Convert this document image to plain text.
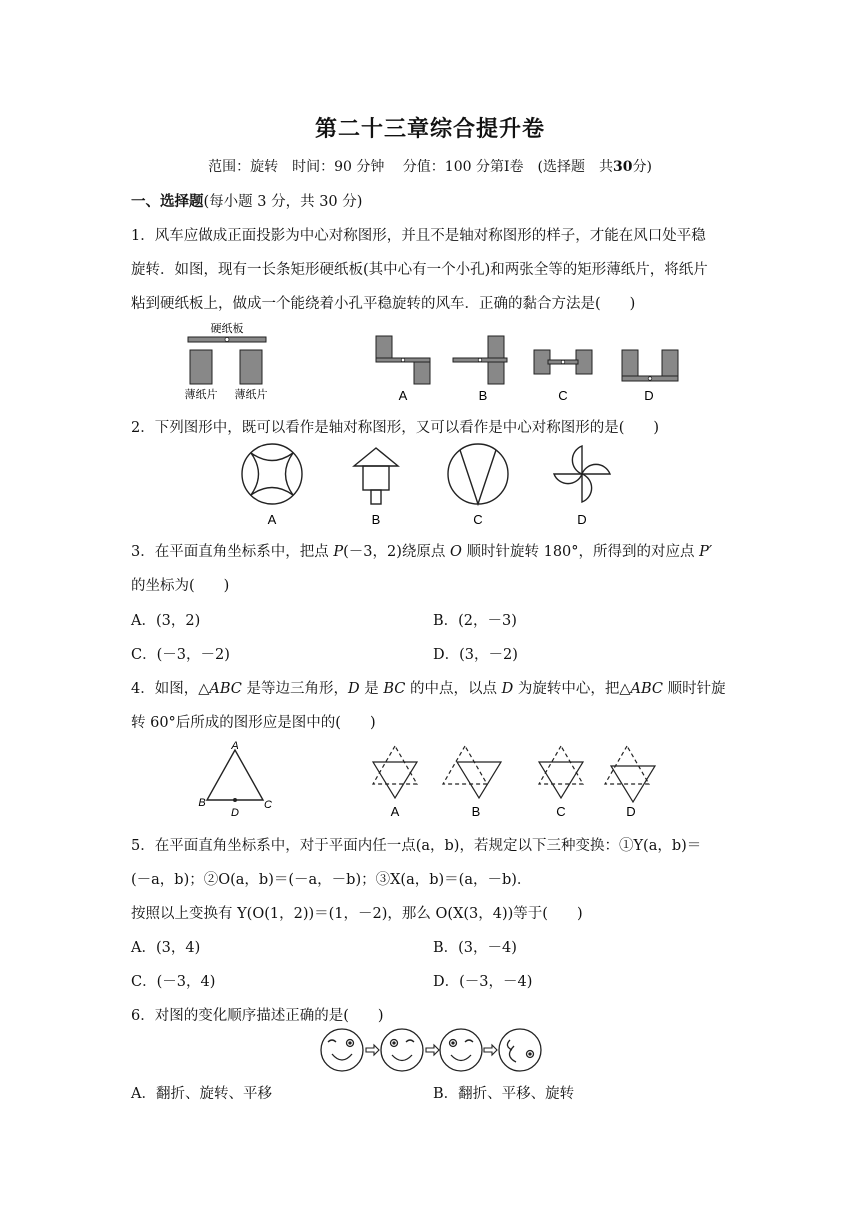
第二十三章综合提升卷
范围：旋转　时间：90 分钟　 分值：100 分第Ⅰ卷　(选择题　共30分)
一、选择题(每小题 3 分，共 30 分)
1．风车应做成正面投影为中心对称图形，并且不是轴对称图形的样子，才能在风口处平稳
旋转．如图，现有一长条矩形硬纸板(其中心有一个小孔)和两张全等的矩形薄纸片，将纸片
粘到硬纸板上，做成一个能绕着小孔平稳旋转的风车．正确的黏合方法是(　　)
硬纸板
薄纸片 薄纸片	A	B	C	D
2．下列图形中，既可以看作是轴对称图形，又可以看作是中心对称图形的是(　　)
A	B	C	D
3．在平面直角坐标系中，把点 P(－3，2)绕原点 O 顺时针旋转 180°，所得到的对应点 P′
的坐标为(　　)
A．(3，2)	B．(2，－3)
C．(－3，－2)	D．(3，－2)
4．如图，△ABC 是等边三角形，D 是 BC 的中点，以点 D 为旋转中心，把△ABC 顺时针旋
转 60°后所成的图形应是图中的(　　)
A
B	C
D	A	B	C	D
5．在平面直角坐标系中，对于平面内任一点(a，b)，若规定以下三种变换：①Y(a，b)＝
(－a，b)；②O(a，b)＝(－a，－b)；③X(a，b)＝(a，－b)．
按照以上变换有 Y(O(1，2))＝(1，－2)，那么 O(X(3，4))等于(　　)
A．(3，4)	B．(3，－4)
C．(－3，4)	D．(－3，－4)
6．对图的变化顺序描述正确的是(　　)
A．翻折、旋转、平移	B．翻折、平移、旋转
